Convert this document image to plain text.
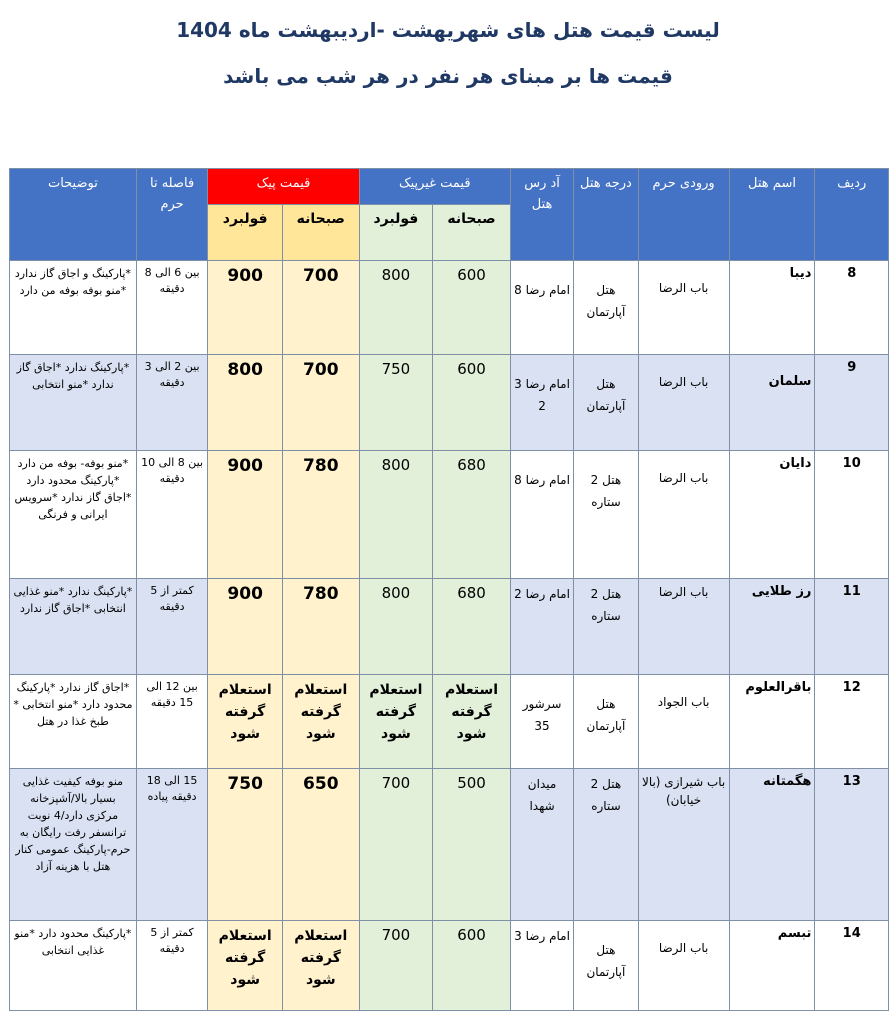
لیست قیمت هتل های شهریهشت -اردیبهشت ماه 1404
قیمت ها بر مبنای هر نفر در هر شب می باشد
ردیف	اسم هتل	ورودی حرم	درجه هتل	آد رس هتل	قیمت غیرپیک		قیمت پیک		فاصله تا حرم	توضیحات
					صبحانه	فولبرد	صبحانه	فولبرد		
8	دیبا	باب الرضا	هتل آپارتمان	امام رضا 8	600	800	700	900	بین 6 الی 8 دقیقه	*پارکینگ و اجاق گاز ندارد *منو بوفه بوفه من دارد
9	سلمان	باب الرضا	هتل آپارتمان	امام رضا 3 2	600	750	700	800	بین 2 الی 3 دقیقه	*پارکینگ ندارد *اجاق گاز ندارد *منو انتخابی
10	دایان	باب الرضا	هتل 2 ستاره	امام رضا 8	680	800	780	900	بین 8 الی 10 دقیقه	*منو بوفه- بوفه من دارد *پارکینگ محدود دارد *اجاق گاز ندارد *سرویس ایرانی و فرنگی
11	رز طلایی	باب الرضا	هتل 2 ستاره	امام رضا 2	680	800	780	900	کمتر از 5 دقیقه	*پارکینگ ندارد *منو غذایی انتخابی *اجاق گاز ندارد
12	باقرالعلوم	باب الجواد	هتل آپارتمان	سرشور 35	استعلام گرفته شود	استعلام گرفته شود	استعلام گرفته شود	استعلام گرفته شود	بین 12 الی 15 دقیقه	*اجاق گاز ندارد *پارکینگ محدود دارد *منو انتخابی * طبخ غذا در هتل
13	هگمتانه	باب شیرازی (بالا خیابان)	هتل 2 ستاره	میدان شهدا	500	700	650	750	15 الی 18 دقیقه پیاده	منو بوفه کیفیت غذایی بسیار بالا/آشپزخانه مرکزی دارد/4 نوبت ترانسفر رفت رایگان به حرم-پارکینگ عمومی کنار هتل با هزینه آزاد
14	تبسم	باب الرضا	هتل آپارتمان	امام رضا 3	600	700	استعلام گرفته شود	استعلام گرفته شود	کمتر از 5 دقیقه	*پارکینگ محدود دارد *منو غذایی انتخابی
